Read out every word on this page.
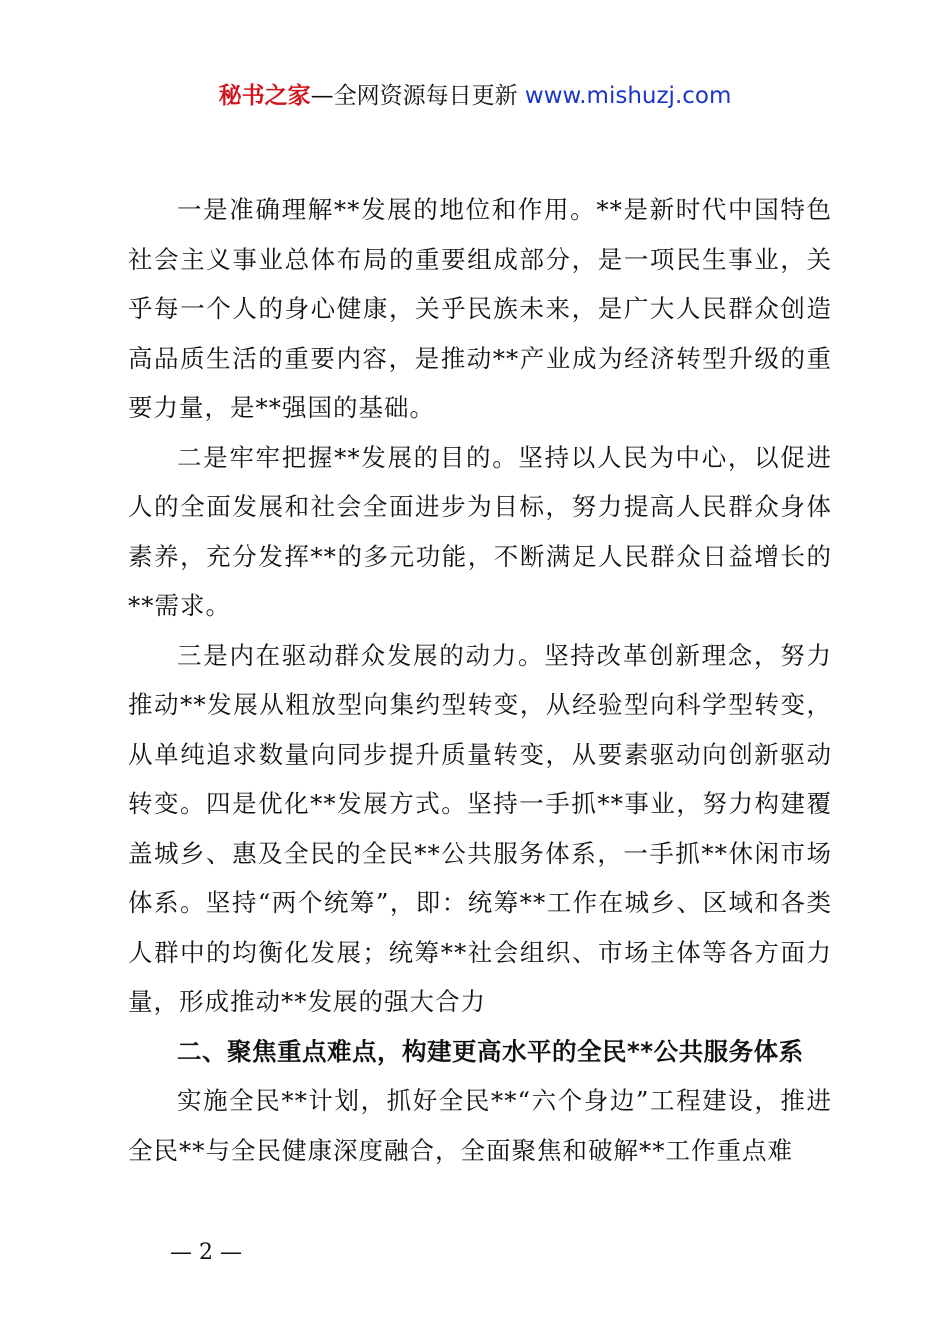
秘书之家—全网资源每日更新 www.mishuzj.com

一是准确理解**发展的地位和作用。**是新时代中国特色社会主义事业总体布局的重要组成部分，是一项民生事业，关乎每一个人的身心健康，关乎民族未来，是广大人民群众创造高品质生活的重要内容，是推动**产业成为经济转型升级的重要力量，是**强国的基础。

二是牢牢把握**发展的目的。坚持以人民为中心，以促进人的全面发展和社会全面进步为目标，努力提高人民群众身体素养，充分发挥**的多元功能，不断满足人民群众日益增长的**需求。

三是内在驱动群众发展的动力。坚持改革创新理念，努力推动**发展从粗放型向集约型转变，从经验型向科学型转变，从单纯追求数量向同步提升质量转变，从要素驱动向创新驱动转变。四是优化**发展方式。坚持一手抓**事业，努力构建覆盖城乡、惠及全民的全民**公共服务体系，一手抓**休闲市场体系。坚持“两个统筹”，即：统筹**工作在城乡、区域和各类人群中的均衡化发展；统筹**社会组织、市场主体等各方面力量，形成推动**发展的强大合力

二、聚焦重点难点，构建更高水平的全民**公共服务体系

实施全民**计划，抓好全民**“六个身边”工程建设，推进全民**与全民健康深度融合，全面聚焦和破解**工作重点难

— 2 —
